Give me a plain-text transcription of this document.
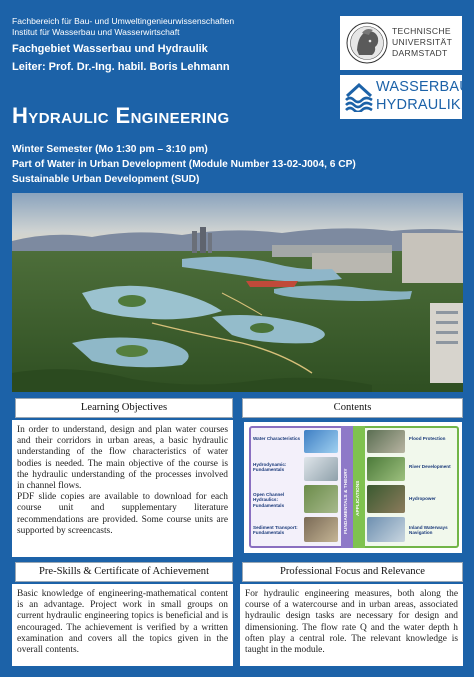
Fachbereich für Bau- und Umweltingenieurwissenschaften
Institut für Wasserbau und Wasserwirtschaft
Fachgebiet Wasserbau und Hydraulik
Leiter: Prof. Dr.-Ing. habil. Boris Lehmann
TECHNISCHE
UNIVERSITÄT
DARMSTADT
WASSERBAU
HYDRAULIK
Hydraulic Engineering
Winter Semester (Mo 1:30 pm – 3:10 pm)
Part of Water in Urban Development (Module Number 13-02-J004, 6 CP)
Sustainable Urban Development (SUD)
Learning Objectives

In order to understand, design and plan water courses and their corridors in urban areas, a basic hydraulic understanding of the flow characteristics of water bodies is needed. The main objective of the course is the hydraulic understanding of the processes involved in channel flows.

PDF slide copies are available to download for each course unit and supplementary literature recommendations are provided. Some course units are supported by screencasts.

Contents
FUNDAMENTALS & THEORY APPLICATIONS
Water Characteristics
Hydrodynamic: Fundamentals
Open Channel Hydraulics: Fundamentals
Sediment Transport: Fundamentals
Flood Protection
River Development
Hydropower
Inland Waterways Navigation
Pre-Skills & Certificate of Achievement

Basic knowledge of engineering-mathematical content is an advantage. Project work in small groups on current hydraulic engineering topics is beneficial and is encouraged. The achievement is verified by a written examination and covers all the topics given in the overall contents.

Professional Focus and Relevance

For hydraulic engineering measures, both along the course of a watercourse and in urban areas, associated hydraulic design tasks are necessary for design and dimensioning. The flow rate Q and the water depth h often play a central role. The relevant knowledge is taught in the module.
